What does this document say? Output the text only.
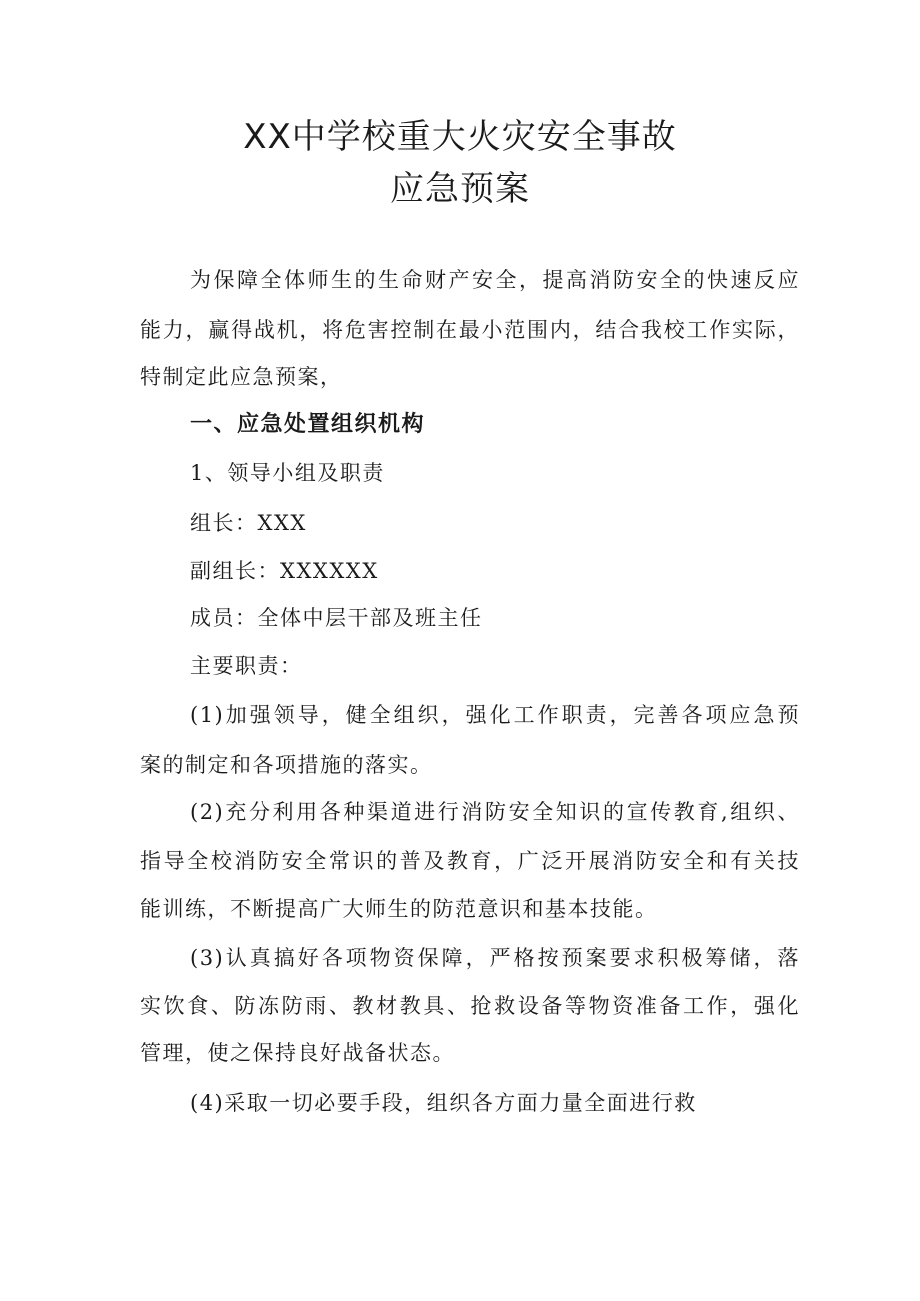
XX中学校重大火灾安全事故
应急预案
为保障全体师生的生命财产安全，提高消防安全的快速反应
能力，赢得战机，将危害控制在最小范围内，结合我校工作实际，
特制定此应急预案，
一、应急处置组织机构
1、领导小组及职责
组长：XXX
副组长：XXXXXX
成员：全体中层干部及班主任
主要职责：
(1)加强领导，健全组织，强化工作职责，完善各项应急预
案的制定和各项措施的落实。
(2)充分利用各种渠道进行消防安全知识的宣传教育,组织、
指导全校消防安全常识的普及教育，广泛开展消防安全和有关技
能训练，不断提高广大师生的防范意识和基本技能。
(3)认真搞好各项物资保障，严格按预案要求积极筹储，落
实饮食、防冻防雨、教材教具、抢救设备等物资准备工作，强化
管理，使之保持良好战备状态。
(4)采取一切必要手段，组织各方面力量全面进行救
